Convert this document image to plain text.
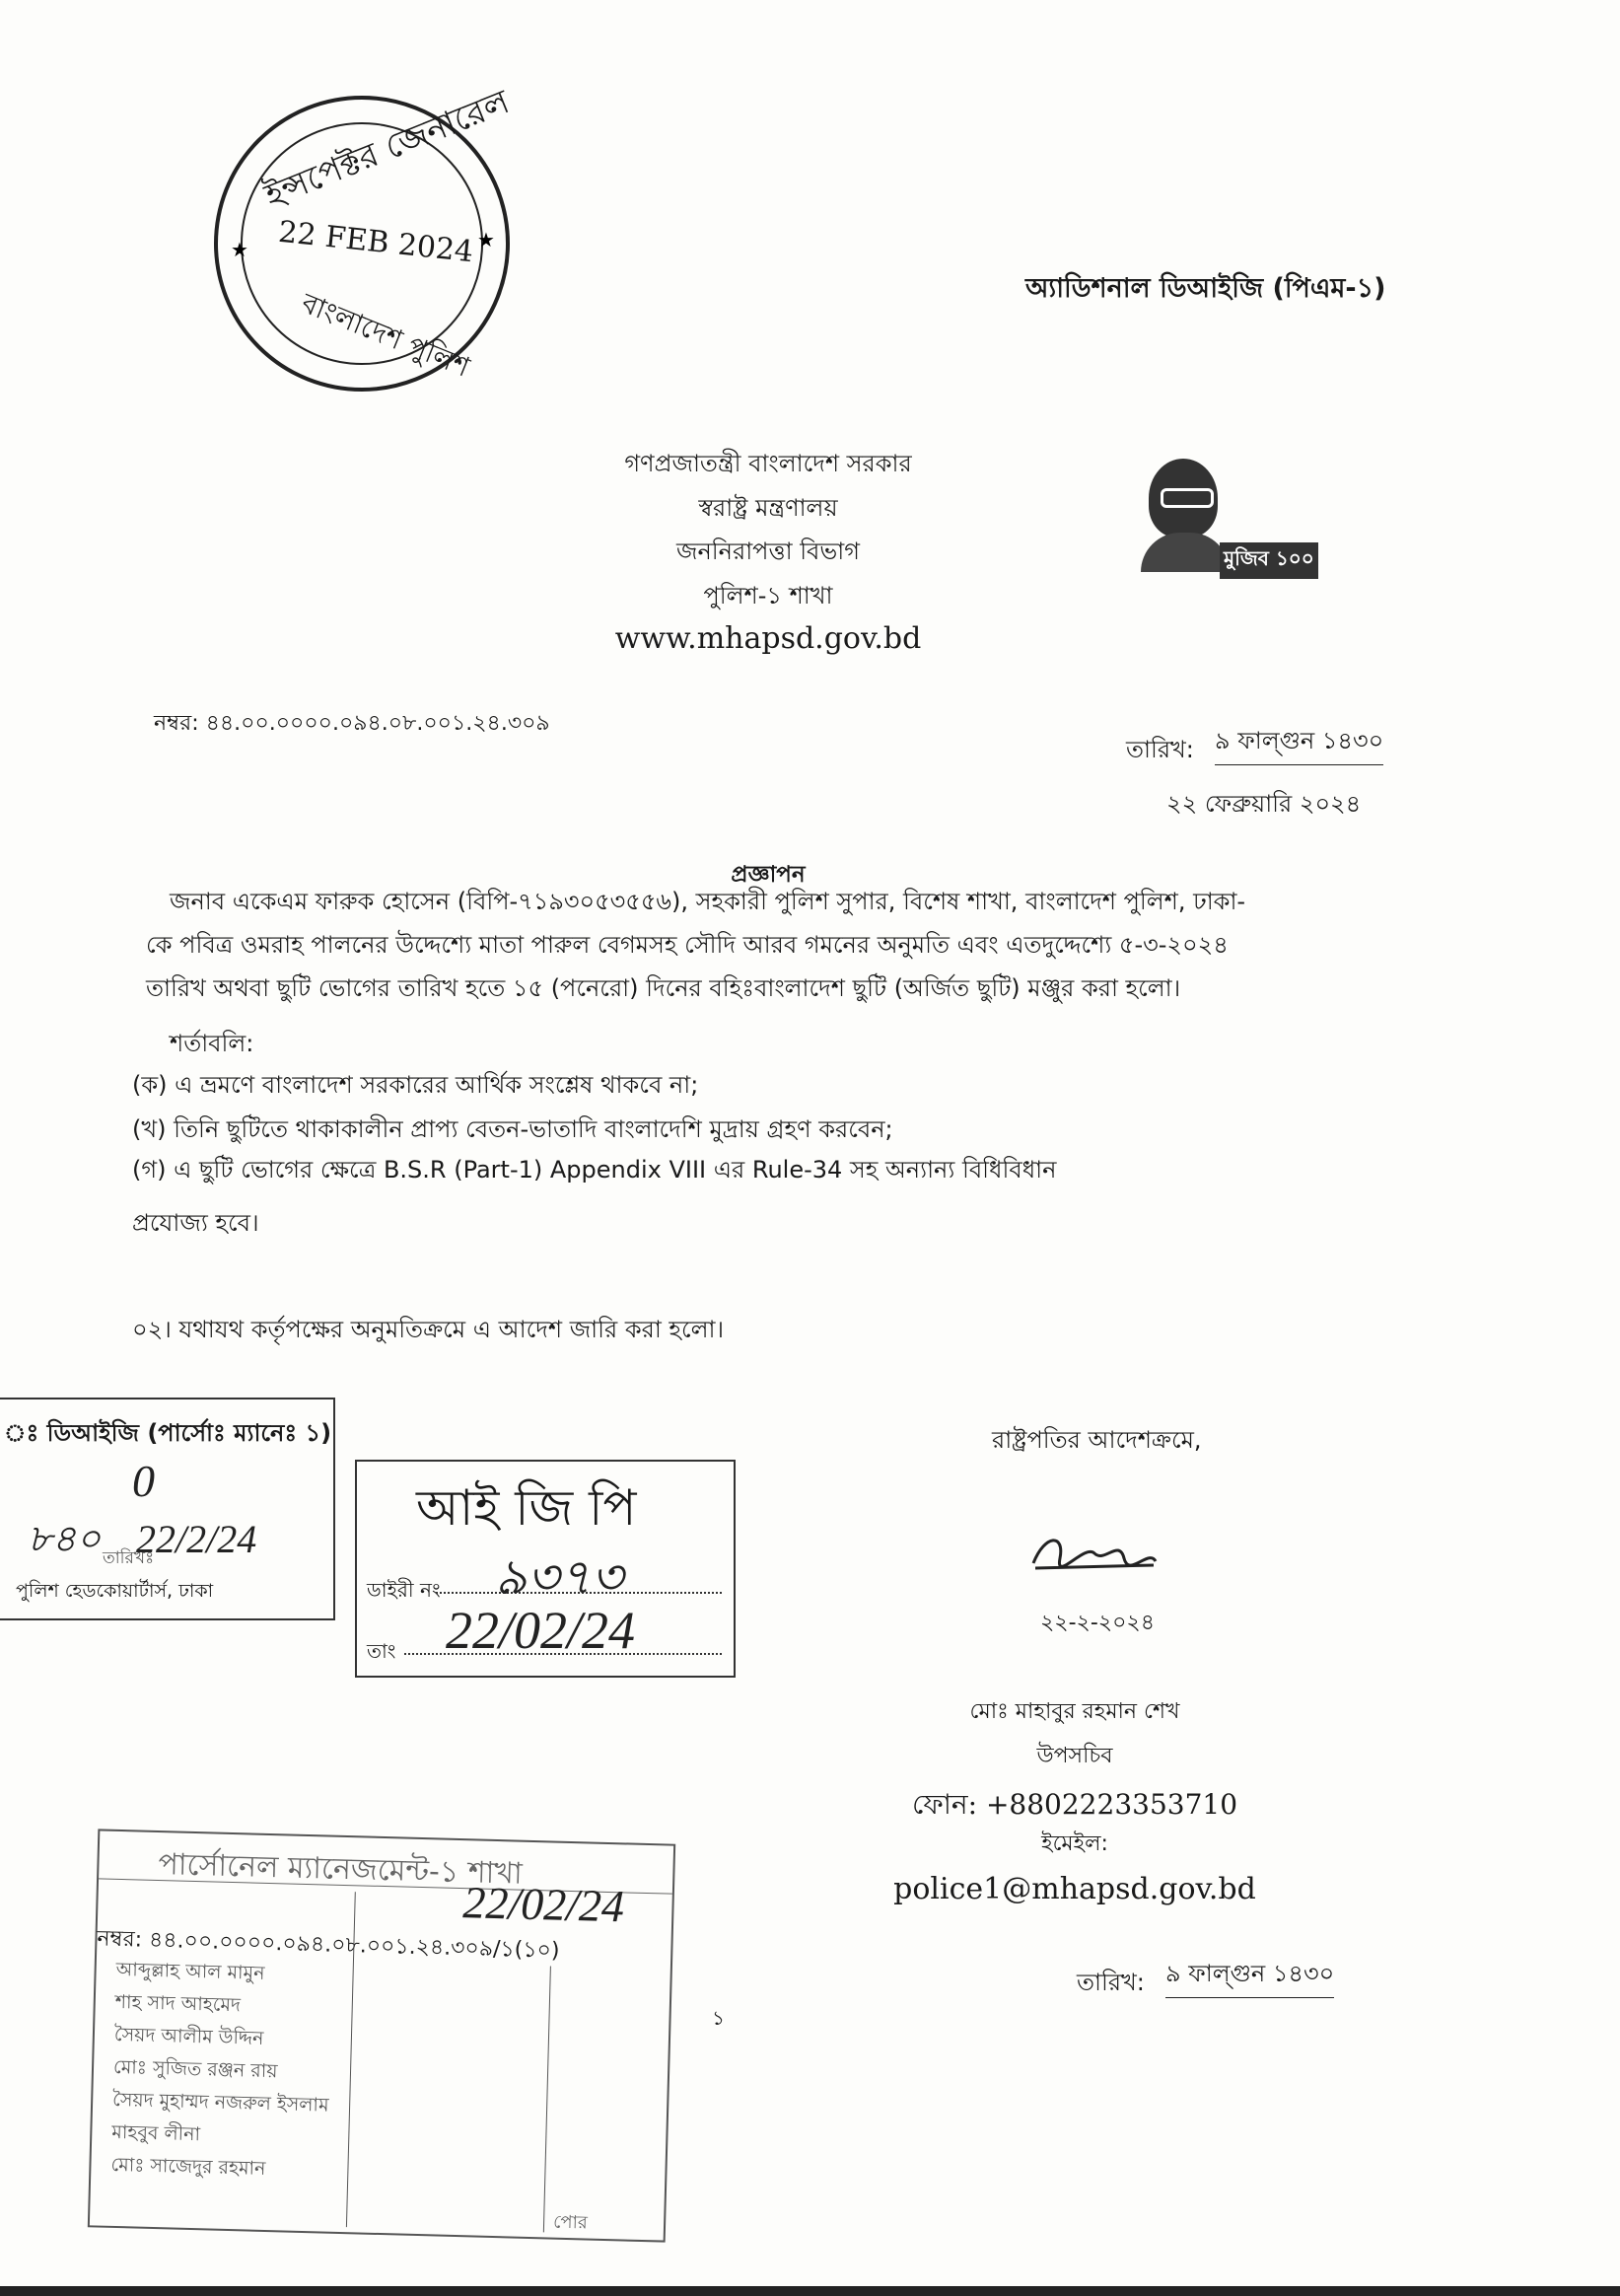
★	★
ইন্সপেক্টর জেনারেল
22 FEB 2024
বাংলাদেশ পুলিশ	অ্যাডিশনাল ডিআইজি (পিএম-১)
গণপ্রজাতন্ত্রী বাংলাদেশ সরকার
স্বরাষ্ট্র মন্ত্রণালয়
জননিরাপত্তা বিভাগ
পুলিশ-১ শাখা
www.mhapsd.gov.bd
মুজিব ১০০
নম্বর: ৪৪.০০.০০০০.০৯৪.০৮.০০১.২৪.৩০৯
তারিখ: ৯ ফাল্গুন ১৪৩০
২২ ফেব্রুয়ারি ২০২৪
প্রজ্ঞাপন
জনাব একেএম ফারুক হোসেন (বিপি-৭১৯৩০৫৩৫৫৬), সহকারী পুলিশ সুপার, বিশেষ শাখা, বাংলাদেশ পুলিশ, ঢাকা-
কে পবিত্র ওমরাহ পালনের উদ্দেশ্যে মাতা পারুল বেগমসহ সৌদি আরব গমনের অনুমতি এবং এতদুদ্দেশ্যে ৫-৩-২০২৪
তারিখ অথবা ছুটি ভোগের তারিখ হতে ১৫ (পনেরো) দিনের বহিঃবাংলাদেশ ছুটি (অর্জিত ছুটি) মঞ্জুর করা হলো।
শর্তাবলি:
(ক) এ ভ্রমণে বাংলাদেশ সরকারের আর্থিক সংশ্লেষ থাকবে না;
(খ) তিনি ছুটিতে থাকাকালীন প্রাপ্য বেতন-ভাতাদি বাংলাদেশি মুদ্রায় গ্রহণ করবেন;
(গ) এ ছুটি ভোগের ক্ষেত্রে B.S.R (Part-1) Appendix VIII এর Rule-34 সহ অন্যান্য বিধিবিধান
প্রযোজ্য হবে।
০২। যথাযথ কর্তৃপক্ষের অনুমতিক্রমে এ আদেশ জারি করা হলো।
ঃ ডিআইজি (পার্সোঃ ম্যানেঃ ১)
0
৮৪০ তারিখঃ
22/2/24
পুলিশ হেডকোয়ার্টার্স, ঢাকা
আই জি পি
ডাইরী নং ৯৩৭৩
তাং 22/02/24
রাষ্ট্রপতির আদেশক্রমে,
২২-২-২০২৪
মোঃ মাহাবুর রহমান শেখ
উপসচিব
ফোন: +8802223353710
ইমেইল:
police1@mhapsd.gov.bd
তারিখ: ৯ ফাল্গুন ১৪৩০
১
পার্সোনেল ম্যানেজমেন্ট-১ শাখা
22/02/24
নম্বর: ৪৪.০০.০০০০.০৯৪.০৮.০০১.২৪.৩০৯/১(১০)
আব্দুল্লাহ আল মামুন
শাহ সাদ আহমেদ
সৈয়দ আলীম উদ্দিন
মোঃ সুজিত রঞ্জন রায়
সৈয়দ মুহাম্মদ নজরুল ইসলাম
মাহবুব লীনা
মোঃ সাজেদুর রহমান
পোর
